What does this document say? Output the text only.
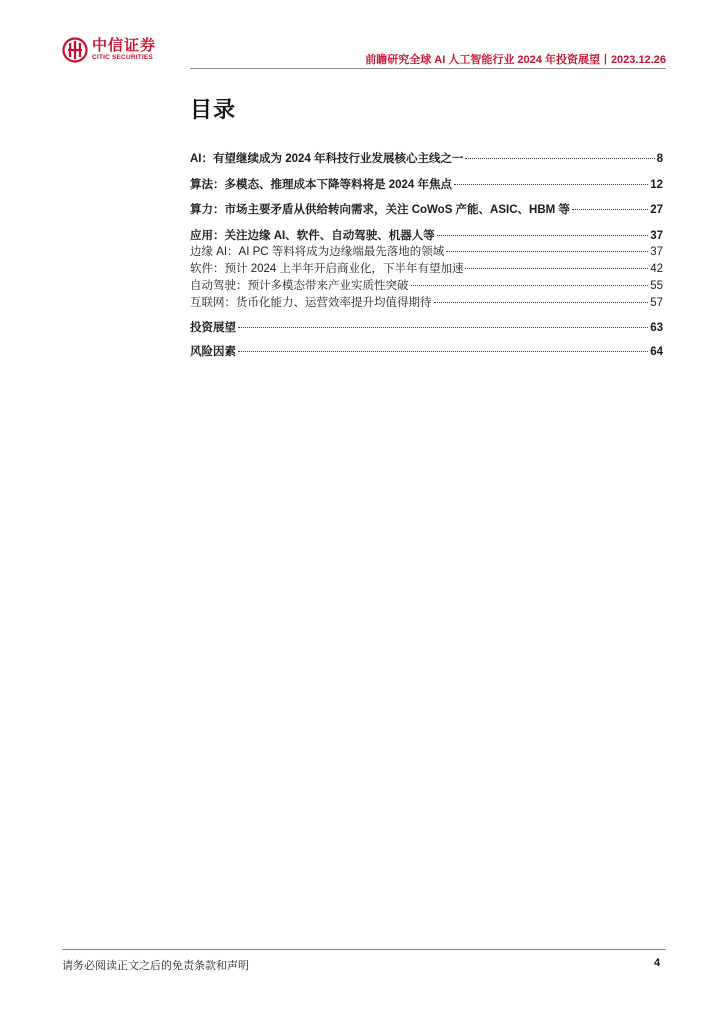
中信证券
CITIC SECURITIES	前瞻研究全球 AI 人工智能行业 2024 年投资展望丨2023.12.26
目录
AI：有望继续成为 2024 年科技行业发展核心主线之一	8
算法：多模态、推理成本下降等料将是 2024 年焦点	12
算力：市场主要矛盾从供给转向需求，关注 CoWoS 产能、ASIC、HBM 等	27
应用：关注边缘 AI、软件、自动驾驶、机器人等	37
边缘 AI：AI PC 等料将成为边缘端最先落地的领域	37
软件：预计 2024 上半年开启商业化，下半年有望加速	42
自动驾驶：预计多模态带来产业实质性突破	55
互联网：货币化能力、运营效率提升均值得期待	57
投资展望	63
风险因素	64
请务必阅读正文之后的免责条款和声明	4
